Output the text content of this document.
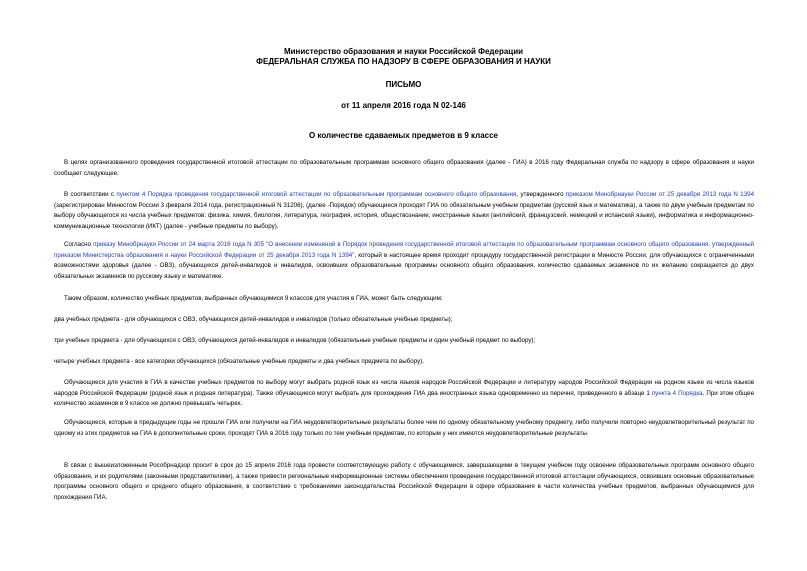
Министерство образования и науки Российской Федерации
ФЕДЕРАЛЬНАЯ СЛУЖБА ПО НАДЗОРУ В СФЕРЕ ОБРАЗОВАНИЯ И НАУКИ
ПИСЬМО
от 11 апреля 2016 года N 02-146
О количестве сдаваемых предметов в 9 классе
В целях организованного проведения государственной итоговой аттестации по образовательным программам основного общего образования (далее - ГИА) в 2016 году Федеральная служба по надзору в сфере образования и науки сообщает следующее.
В соответствии с пунктом 4 Порядка проведения государственной итоговой аттестации по образовательным программам основного общего образования, утвержденного приказом Минобрнауки России от 25 декабря 2013 года N 1394 (зарегистрирован Минюстом России 3 февраля 2014 года, регистрационный N 31206), (далее -Порядок) обучающиеся проходят ГИА по обязательным учебным предметам (русский язык и математика), а также по двум учебным предметам по выбору обучающегося из числа учебных предметов: физика, химия, биология, литература, география, история, обществознание, иностранные языки (английский, французский, немецкий и испанский языки), информатика и информационно-коммуникационные технологии (ИКТ) (далее - учебные предметы по выбору).
Согласно приказу Минобрнауки России от 24 марта 2016 года N 305 "О внесении изменений в Порядок проведения государственной итоговой аттестации по образовательным программам основного общего образования, утвержденный приказом Министерства образования и науки Российской Федерации от 25 декабря 2013 года N 1394", который в настоящее время проходит процедуру государственной регистрации в Минюсте России, для обучающихся с ограниченными возможностями здоровья (далее - ОВЗ), обучающихся детей-инвалидов и инвалидов, освоивших образовательные программы основного общего образования, количество сдаваемых экзаменов по их желанию сокращается до двух обязательных экзаменов по русскому языку и математике.
Таким образом, количество учебных предметов, выбранных обучающимися 9 классов для участия в ГИА, может быть следующим:
два учебных предмета - для обучающихся с ОВЗ, обучающихся детей-инвалидов и инвалидов (только обязательные учебные предметы);
три учебных предмета - для обучающихся с ОВЗ, обучающихся детей-инвалидов и инвалидов (обязательные учебные предметы и один учебный предмет по выбору);
четыре учебных предмета - все категории обучающихся (обязательные учебные предметы и два учебных предмета по выбору).
Обучающиеся для участия в ГИА в качестве учебных предметов по выбору могут выбрать родной язык из числа языков народов Российской Федерации и литературу народов Российской Федерации на родном языке из числа языков народов Российской Федерации (родной язык и родная литература). Также обучающиеся могут выбрать для прохождения ГИА два иностранных языка одновременно из перечня, приведенного в абзаце 1 пункта 4 Порядка. При этом общее количество экзаменов в 9 классе не должно превышать четырех.
Обучающиеся, которые в предыдущие годы не прошли ГИА или получили на ГИА неудовлетворительные результаты более чем по одному обязательному учебному предмету, либо получили повторно неудовлетворительный результат по одному из этих предметов на ГИА в дополнительные сроки, проходят ГИА в 2016 году только по тем учебным предметам, по которым у них имеются неудовлетворительные результаты.
В связи с вышеизложенным Рособрнадзор просит в срок до 15 апреля 2016 года провести соответствующую работу с обучающимися, завершающими в текущем учебном году освоение образовательных программ основного общего образования, и их родителями (законными представителями), а также привести региональные информационные системы обеспечения проведения государственной итоговой аттестации обучающихся, освоивших основные образовательные программы основного общего и среднего общего образования, в соответствие с требованиями законодательства Российской Федерации в сфере образования в части количества учебных предметов, выбранных обучающимися для прохождения ГИА.
